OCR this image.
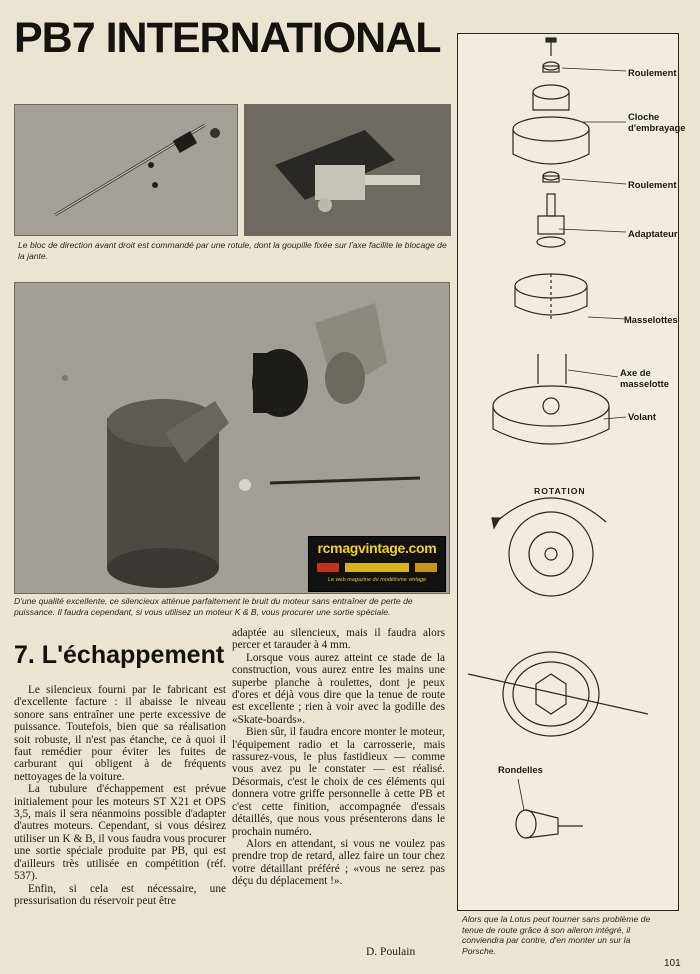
PB7 INTERNATIONAL
Le bloc de direction avant droit est commandé par une rotule, dont la goupille fixée sur l'axe facilite le blocage de la jante.
rcmagvintage.com
Le web magazine du modélisme vintage
D'une qualité excellente, ce silencieux atténue parfaitement le bruit du moteur sans entraîner de perte de puissance. Il faudra cependant, si vous utilisez un moteur K & B, vous procurer une sortie spéciale.
7. L'échappement

Le silencieux fourni par le fabricant est d'excellente facture : il abaisse le niveau sonore sans entraîner une perte excessive de puissance. Toutefois, bien que sa réalisation soit robuste, il n'est pas étanche, ce à quoi il faut remédier pour éviter les fuites de carburant qui obligent à de fréquents nettoyages de la voiture.

La tubulure d'échappement est prévue initialement pour les moteurs ST X21 et OPS 3,5, mais il sera néanmoins possible d'adapter d'autres moteurs. Cependant, si vous désirez utiliser un K & B, il vous faudra vous procurer une sortie spéciale produite par PB, qui est d'ailleurs très utilisée en compétition (réf. 537).

Enfin, si cela est nécessaire, une pressurisation du réservoir peut être

adaptée au silencieux, mais il faudra alors percer et tarauder à 4 mm.

Lorsque vous aurez atteint ce stade de la construction, vous aurez entre les mains une superbe planche à roulettes, dont je peux d'ores et déjà vous dire que la tenue de route est excellente ; rien à voir avec la godille des «Skate-boards».

Bien sûr, il faudra encore monter le moteur, l'équipement radio et la carrosserie, mais rassurez-vous, le plus fastidieux — comme vous avez pu le constater — est réalisé. Désormais, c'est le choix de ces éléments qui donnera votre griffe personnelle à cette PB et c'est cette finition, accompagnée d'essais détaillés, que nous vous présenterons dans le prochain numéro.

Alors en attendant, si vous ne voulez pas prendre trop de retard, allez faire un tour chez votre détaillant préféré ; «vous ne serez pas déçu du déplacement !».

D. Poulain
Roulement
Cloche
d'embrayage
Roulement
Adaptateur
Masselottes
Axe de
masselotte
Volant
ROTATION
Rondelles
Alors que la Lotus peut tourner sans problème de tenue de route grâce à son aileron intégré, il conviendra par contre, d'en monter un sur la Porsche.
101
